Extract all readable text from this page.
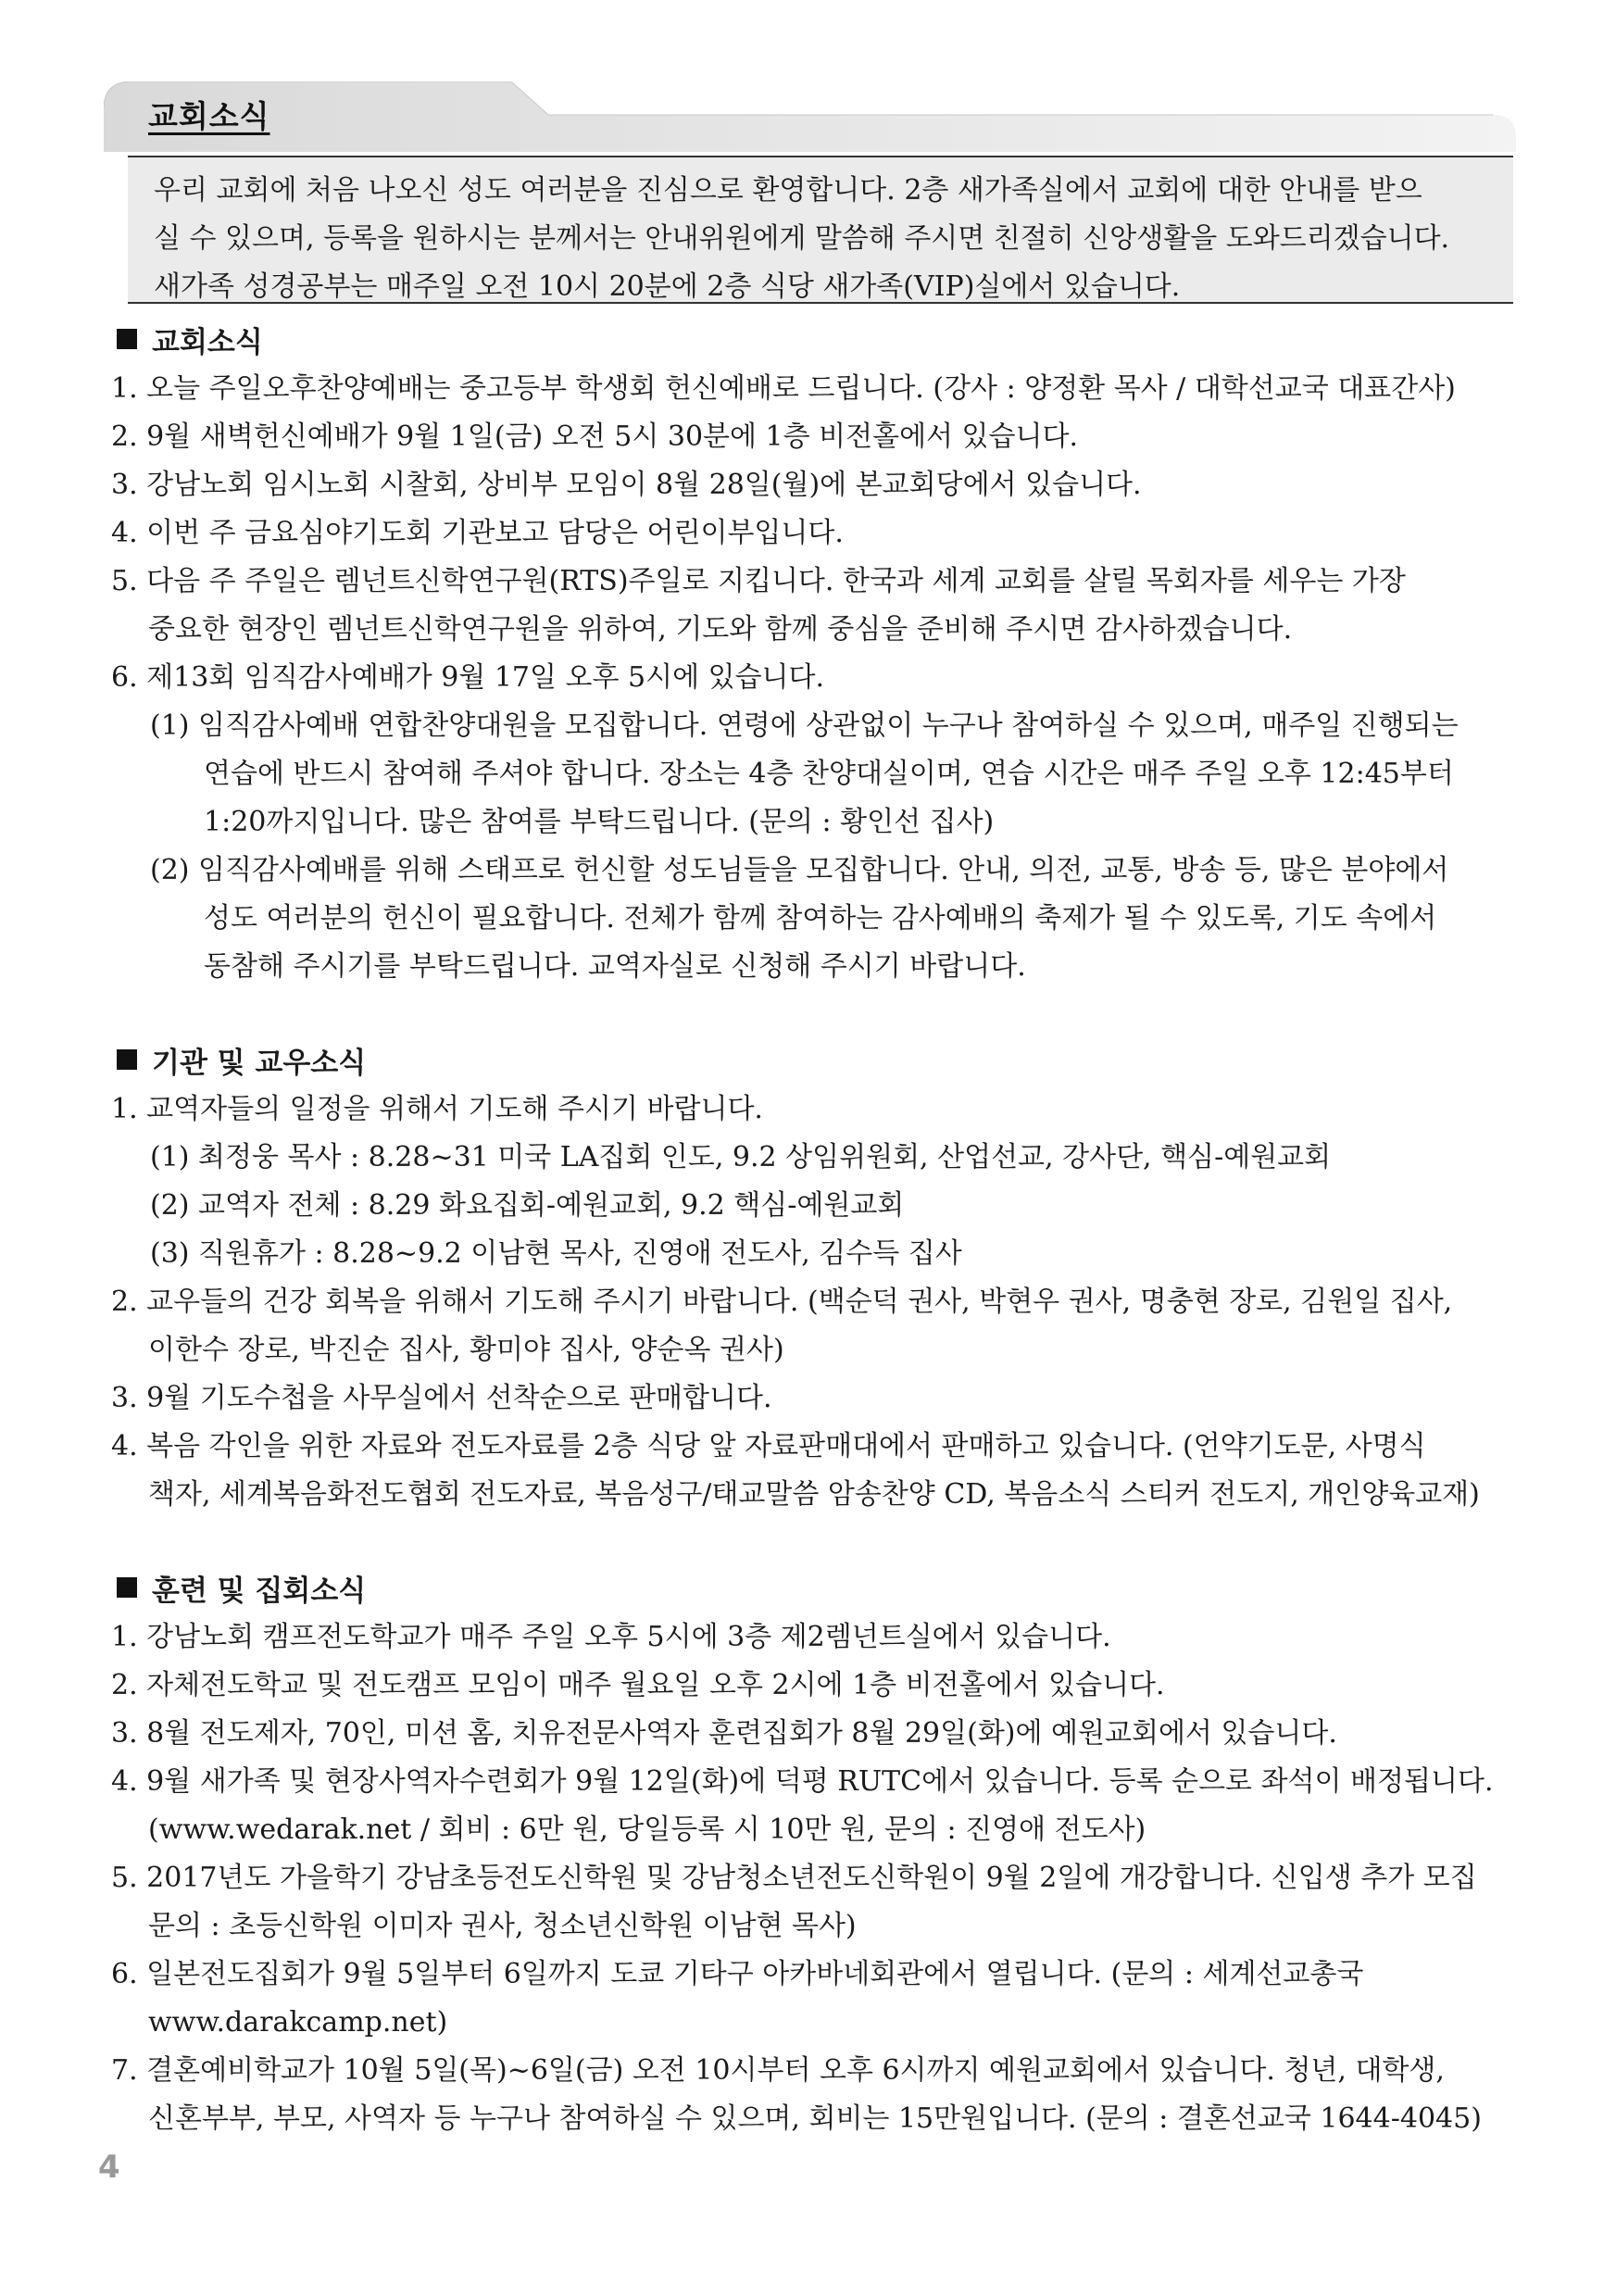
교회소식

우리 교회에 처음 나오신 성도 여러분을 진심으로 환영합니다. 2층 새가족실에서 교회에 대한 안내를 받으

실 수 있으며, 등록을 원하시는 분께서는 안내위원에게 말씀해 주시면 친절히 신앙생활을 도와드리겠습니다.

새가족 성경공부는 매주일 오전 10시 20분에 2층 식당 새가족(VIP)실에서 있습니다.

교회소식
1. 오늘 주일오후찬양예배는 중고등부 학생회 헌신예배로 드립니다. (강사 : 양정환 목사 / 대학선교국 대표간사)
2. 9월 새벽헌신예배가 9월 1일(금) 오전 5시 30분에 1층 비전홀에서 있습니다.
3. 강남노회 임시노회 시찰회, 상비부 모임이 8월 28일(월)에 본교회당에서 있습니다.
4. 이번 주 금요심야기도회 기관보고 담당은 어린이부입니다.
5. 다음 주 주일은 렘넌트신학연구원(RTS)주일로 지킵니다. 한국과 세계 교회를 살릴 목회자를 세우는 가장
중요한 현장인 렘넌트신학연구원을 위하여, 기도와 함께 중심을 준비해 주시면 감사하겠습니다.
6. 제13회 임직감사예배가 9월 17일 오후 5시에 있습니다.
(1) 임직감사예배 연합찬양대원을 모집합니다. 연령에 상관없이 누구나 참여하실 수 있으며, 매주일 진행되는
연습에 반드시 참여해 주셔야 합니다. 장소는 4층 찬양대실이며, 연습 시간은 매주 주일 오후 12:45부터
1:20까지입니다. 많은 참여를 부탁드립니다. (문의 : 황인선 집사)
(2) 임직감사예배를 위해 스태프로 헌신할 성도님들을 모집합니다. 안내, 의전, 교통, 방송 등, 많은 분야에서
성도 여러분의 헌신이 필요합니다. 전체가 함께 참여하는 감사예배의 축제가 될 수 있도록, 기도 속에서
동참해 주시기를 부탁드립니다. 교역자실로 신청해 주시기 바랍니다.
기관 및 교우소식
1. 교역자들의 일정을 위해서 기도해 주시기 바랍니다.
(1) 최정웅 목사 : 8.28~31 미국 LA집회 인도, 9.2 상임위원회, 산업선교, 강사단, 핵심-예원교회
(2) 교역자 전체 : 8.29 화요집회-예원교회, 9.2 핵심-예원교회
(3) 직원휴가 : 8.28~9.2 이남현 목사, 진영애 전도사, 김수득 집사
2. 교우들의 건강 회복을 위해서 기도해 주시기 바랍니다. (백순덕 권사, 박현우 권사, 명충현 장로, 김원일 집사,
이한수 장로, 박진순 집사, 황미야 집사, 양순옥 권사)
3. 9월 기도수첩을 사무실에서 선착순으로 판매합니다.
4. 복음 각인을 위한 자료와 전도자료를 2층 식당 앞 자료판매대에서 판매하고 있습니다. (언약기도문, 사명식
책자, 세계복음화전도협회 전도자료, 복음성구/태교말씀 암송찬양 CD, 복음소식 스티커 전도지, 개인양육교재)
훈련 및 집회소식
1. 강남노회 캠프전도학교가 매주 주일 오후 5시에 3층 제2렘넌트실에서 있습니다.
2. 자체전도학교 및 전도캠프 모임이 매주 월요일 오후 2시에 1층 비전홀에서 있습니다.
3. 8월 전도제자, 70인, 미션 홈, 치유전문사역자 훈련집회가 8월 29일(화)에 예원교회에서 있습니다.
4. 9월 새가족 및 현장사역자수련회가 9월 12일(화)에 덕평 RUTC에서 있습니다. 등록 순으로 좌석이 배정됩니다.
(www.wedarak.net / 회비 : 6만 원, 당일등록 시 10만 원, 문의 : 진영애 전도사)
5. 2017년도 가을학기 강남초등전도신학원 및 강남청소년전도신학원이 9월 2일에 개강합니다. 신입생 추가 모집
문의 : 초등신학원 이미자 권사, 청소년신학원 이남현 목사)
6. 일본전도집회가 9월 5일부터 6일까지 도쿄 기타구 아카바네회관에서 열립니다. (문의 : 세계선교총국
www.darakcamp.net)
7. 결혼예비학교가 10월 5일(목)~6일(금) 오전 10시부터 오후 6시까지 예원교회에서 있습니다. 청년, 대학생,
신혼부부, 부모, 사역자 등 누구나 참여하실 수 있으며, 회비는 15만원입니다. (문의 : 결혼선교국 1644-4045)
4
